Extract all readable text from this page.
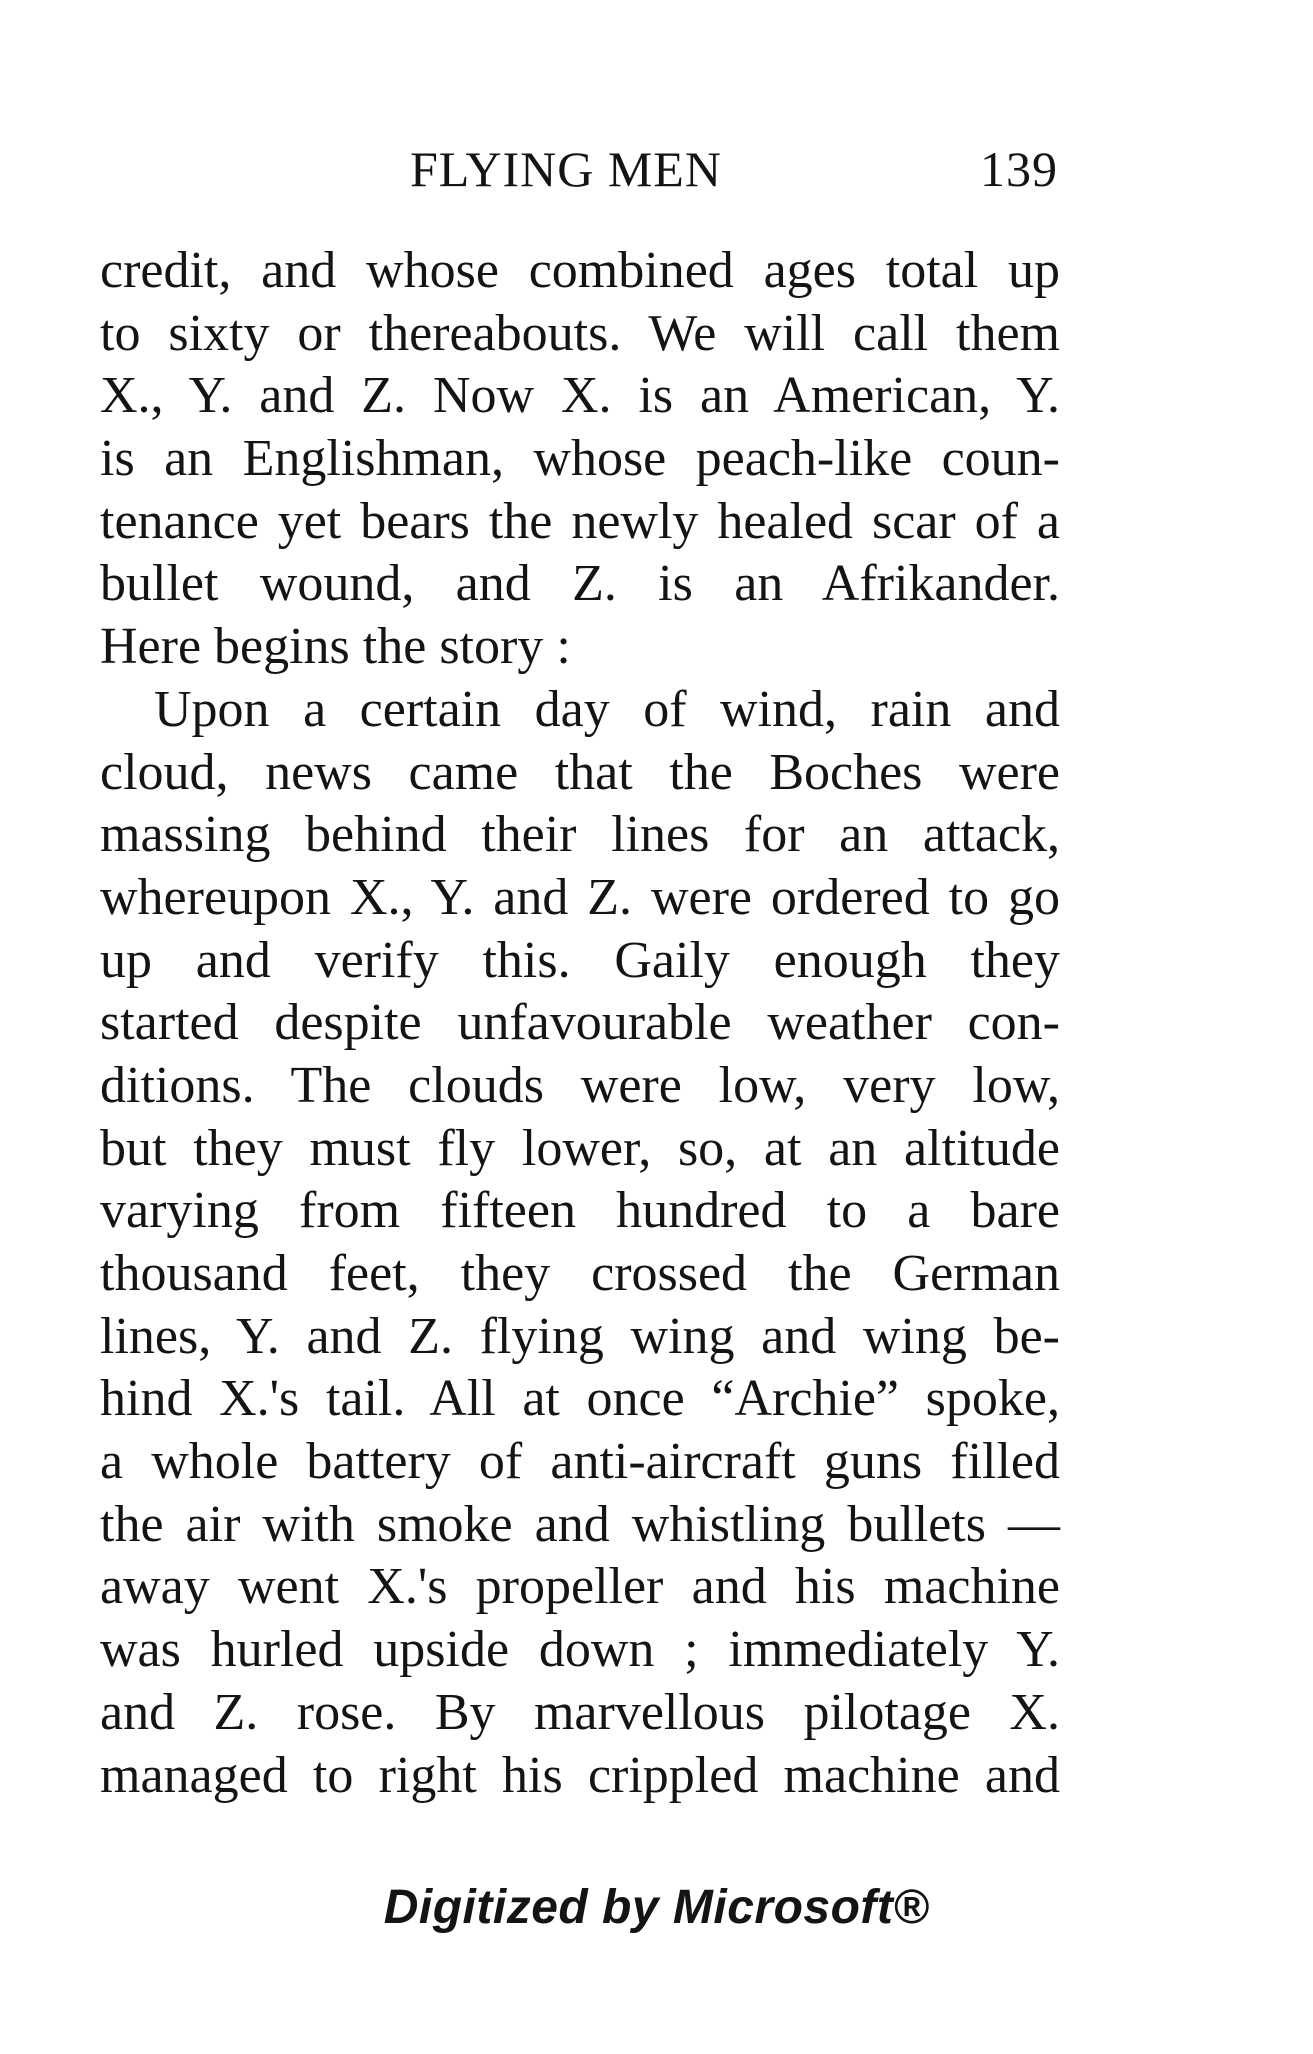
FLYING MEN	139
credit, and whose combined ages total up
to sixty or thereabouts. We will call them
X., Y. and Z. Now X. is an American, Y.
is an Englishman, whose peach-like coun-
tenance yet bears the newly healed scar of a
bullet wound, and Z. is an Afrikander.
Here begins the story :
Upon a certain day of wind, rain and
cloud, news came that the Boches were
massing behind their lines for an attack,
whereupon X., Y. and Z. were ordered to go
up and verify this. Gaily enough they
started despite unfavourable weather con-
ditions. The clouds were low, very low,
but they must fly lower, so, at an altitude
varying from fifteen hundred to a bare
thousand feet, they crossed the German
lines, Y. and Z. flying wing and wing be-
hind X.'s tail. All at once “Archie” spoke,
a whole battery of anti-aircraft guns filled
the air with smoke and whistling bullets —
away went X.'s propeller and his machine
was hurled upside down ; immediately Y.
and Z. rose. By marvellous pilotage X.
managed to right his crippled machine and
Digitized by Microsoft®
